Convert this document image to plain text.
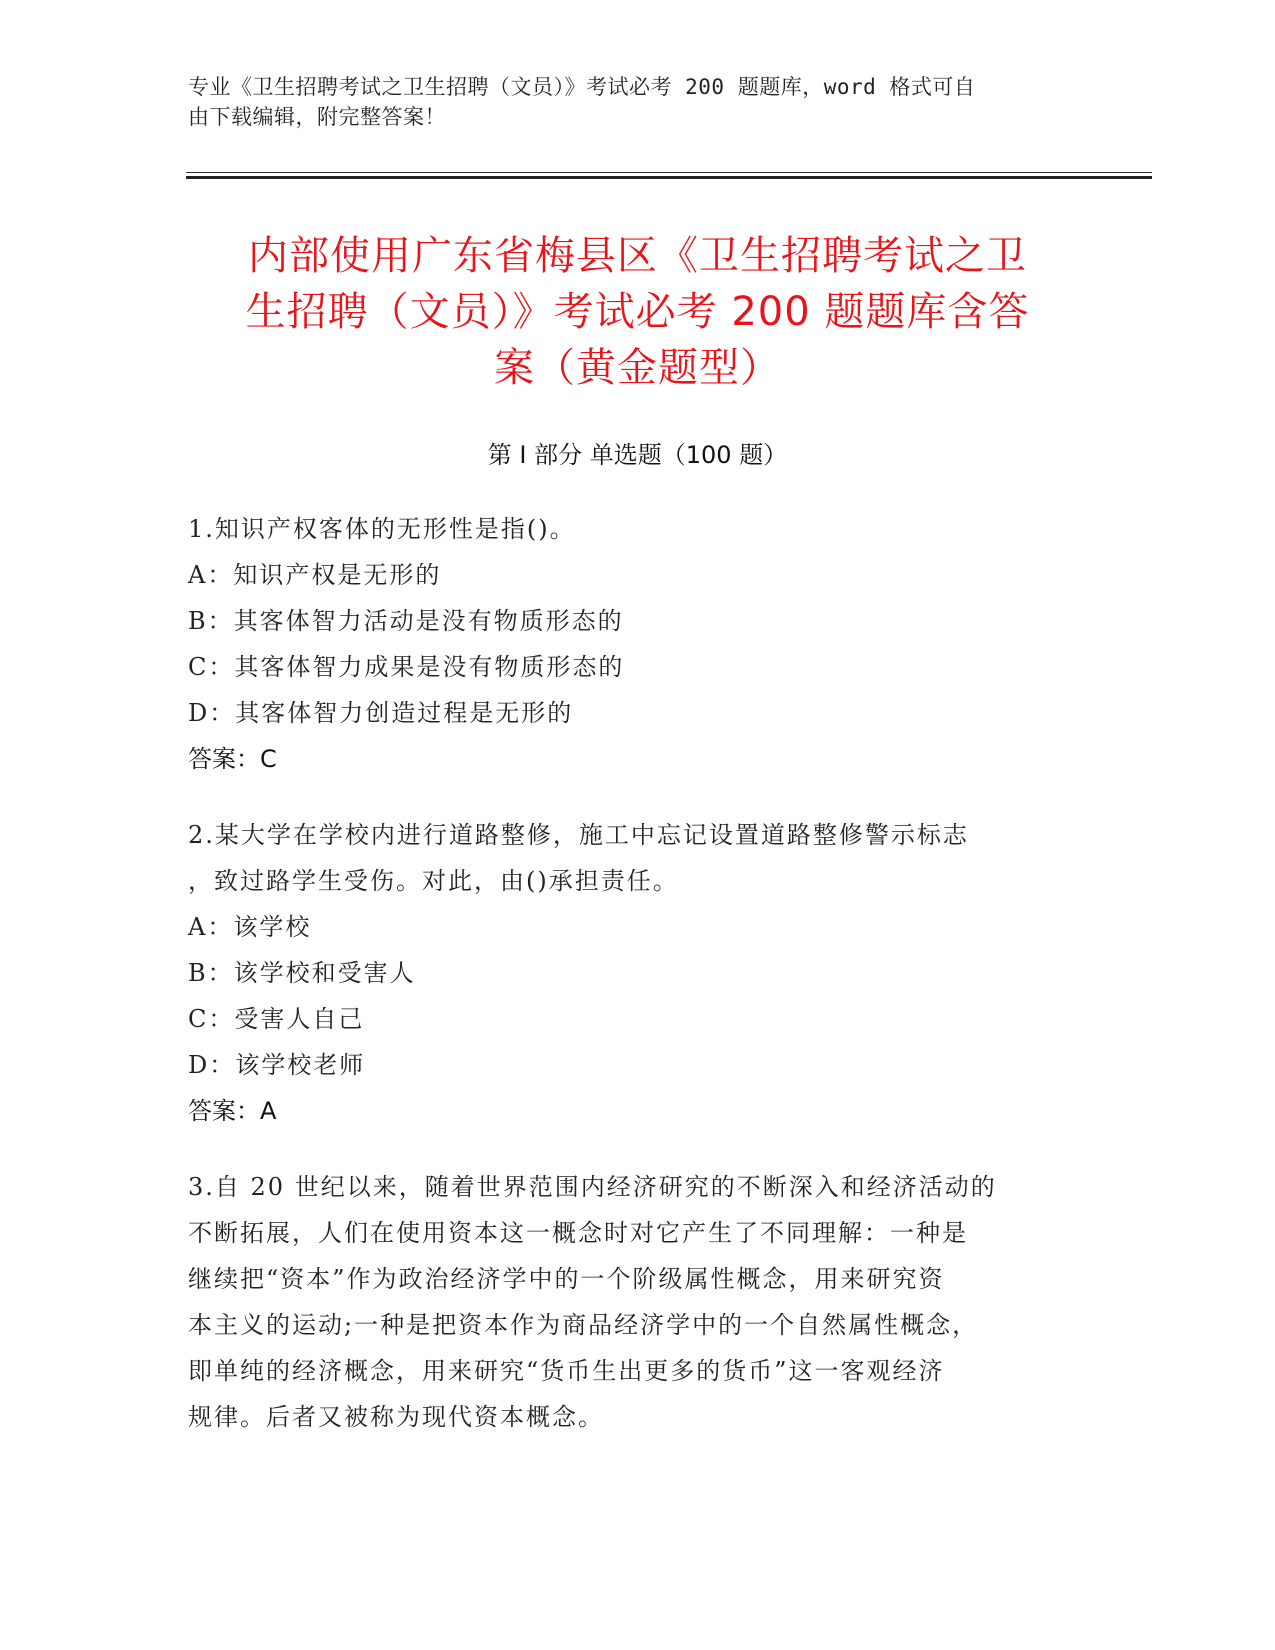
专业《卫生招聘考试之卫生招聘（文员）》考试必考 200 题题库，word 格式可自
由下载编辑，附完整答案！
内部使用广东省梅县区《卫生招聘考试之卫
生招聘（文员）》考试必考 200 题题库含答
案（黄金题型）
第 I 部分 单选题（100 题）
1.知识产权客体的无形性是指()。
A：知识产权是无形的
B：其客体智力活动是没有物质形态的
C：其客体智力成果是没有物质形态的
D：其客体智力创造过程是无形的
答案：C
2.某大学在学校内进行道路整修，施工中忘记设置道路整修警示标志
，致过路学生受伤。对此，由()承担责任。
A：该学校
B：该学校和受害人
C：受害人自己
D：该学校老师
答案：A
3.自 20 世纪以来，随着世界范围内经济研究的不断深入和经济活动的
不断拓展，人们在使用资本这一概念时对它产生了不同理解：一种是
继续把“资本”作为政治经济学中的一个阶级属性概念，用来研究资
本主义的运动;一种是把资本作为商品经济学中的一个自然属性概念，
即单纯的经济概念，用来研究“货币生出更多的货币”这一客观经济
规律。后者又被称为现代资本概念。
